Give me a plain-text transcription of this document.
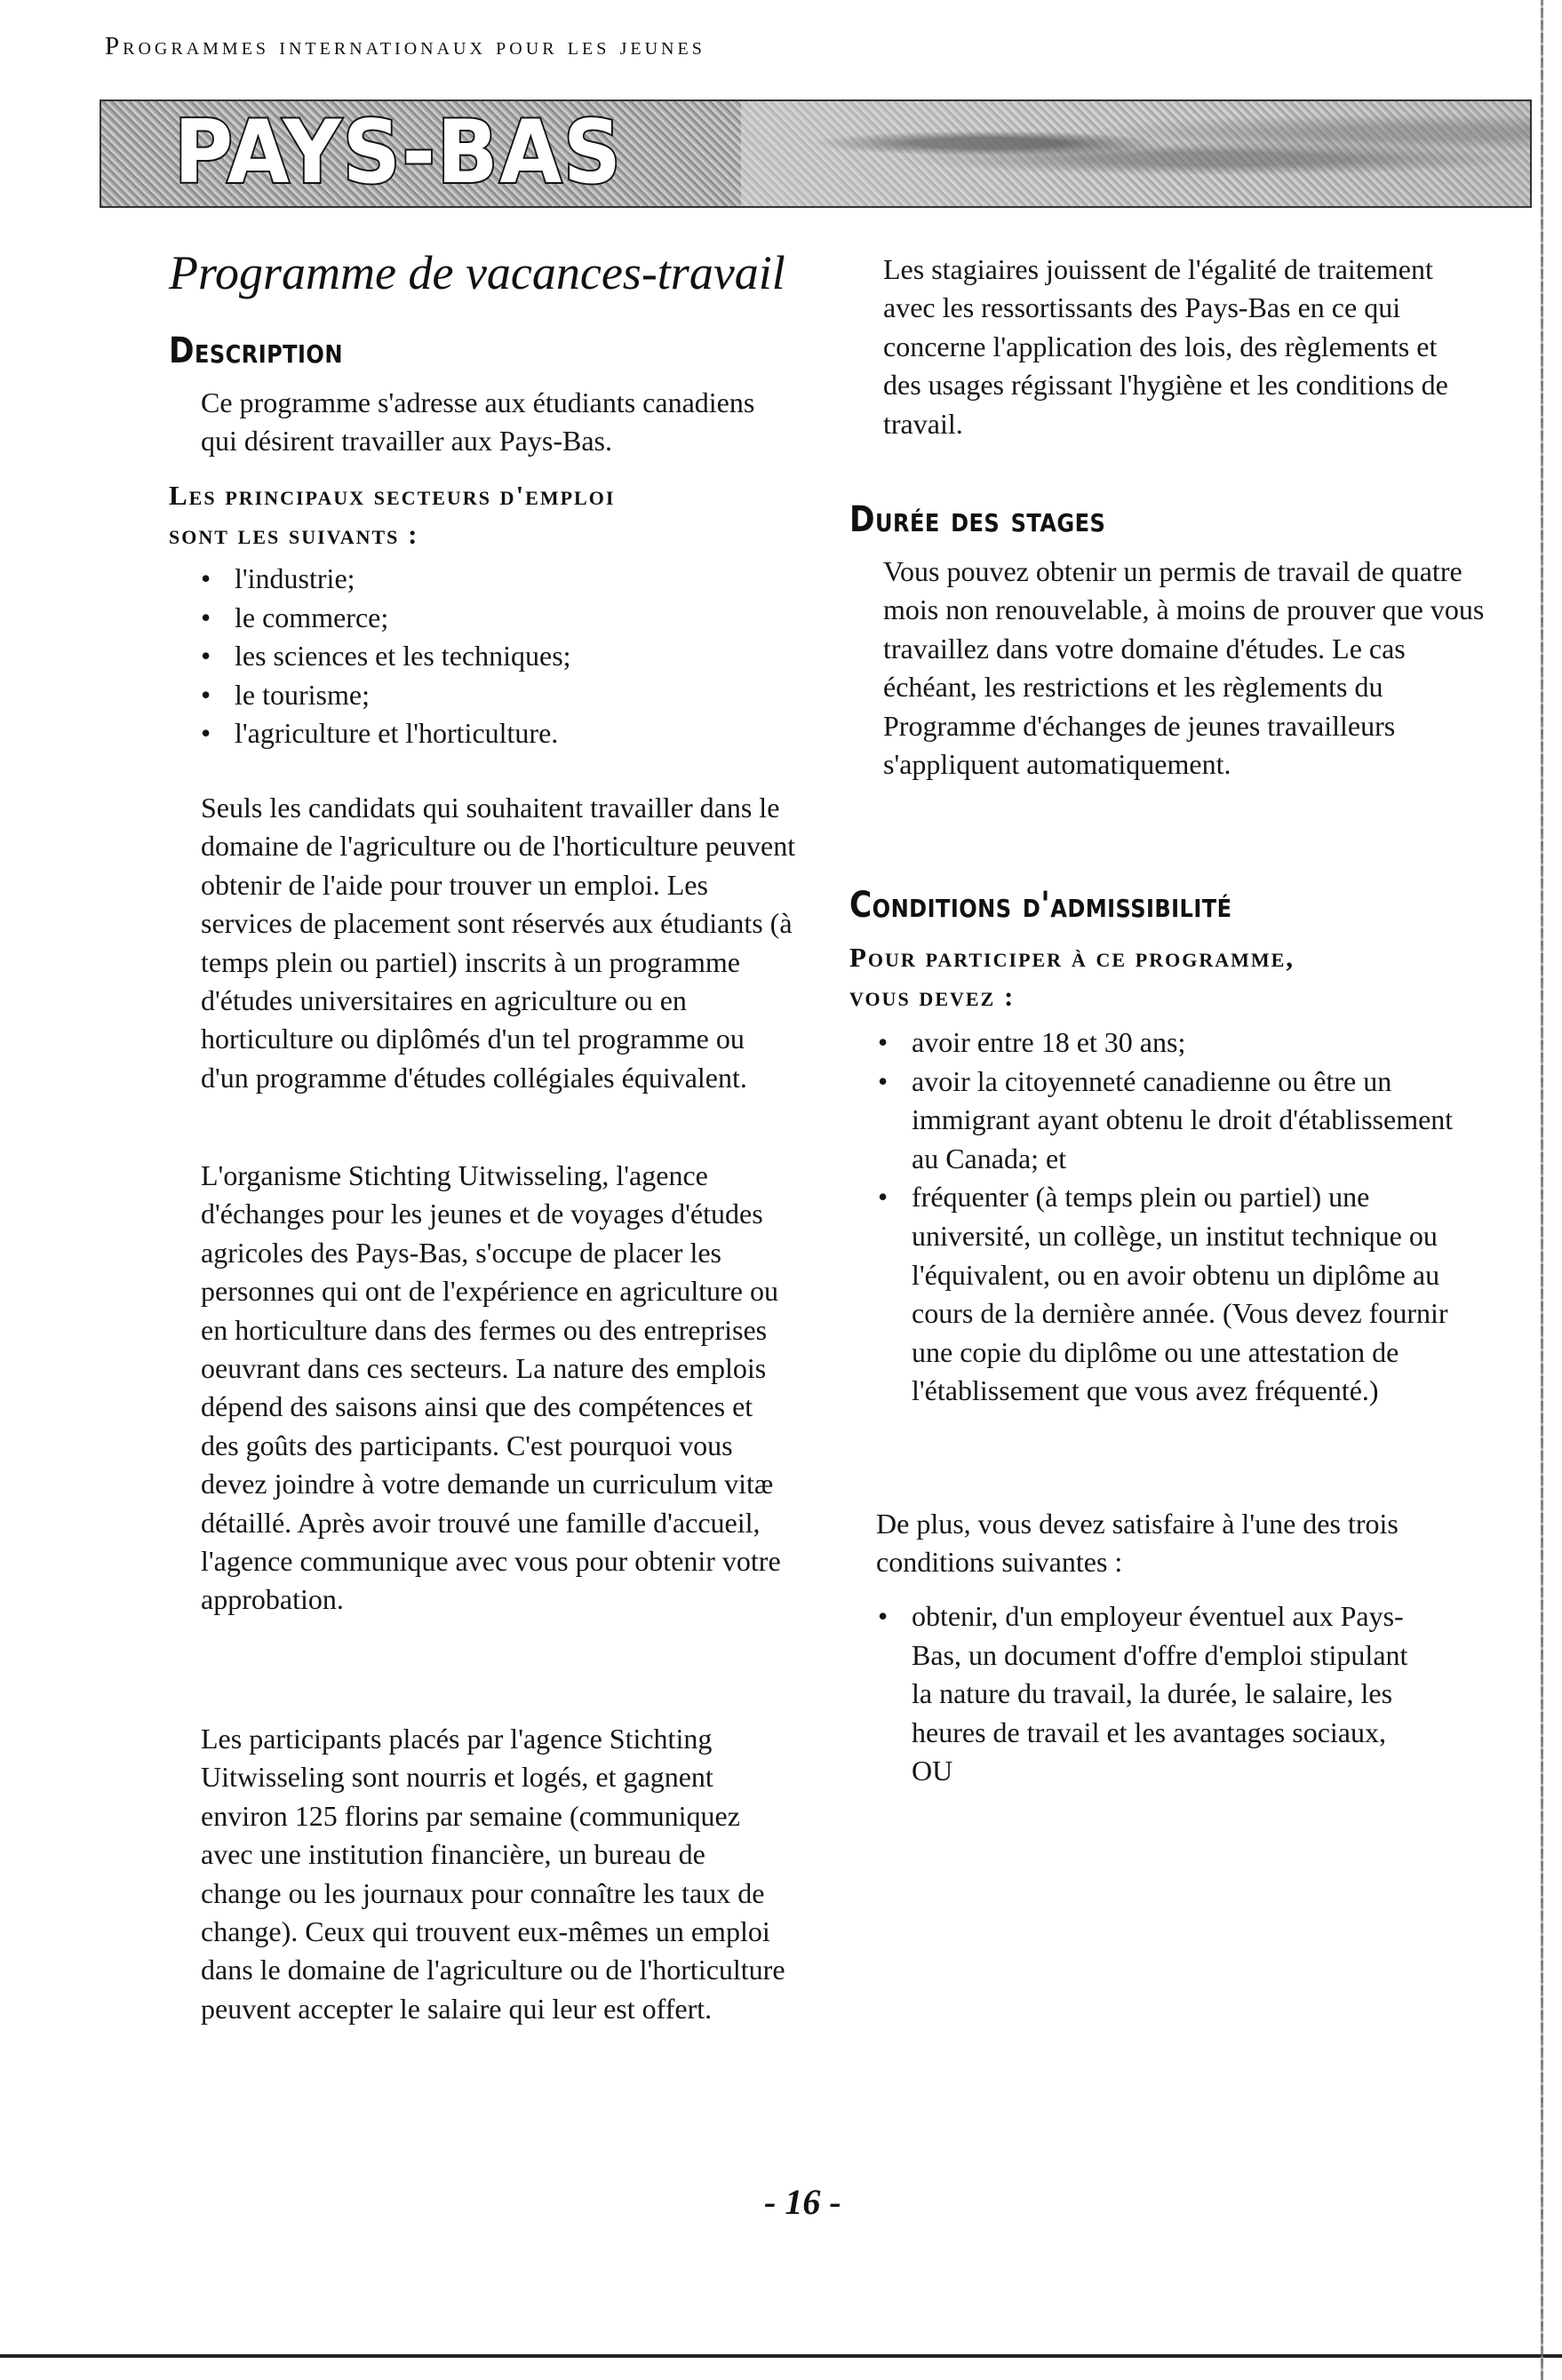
Programmes internationaux pour les jeunes
PAYS-BAS
Programme de vacances-travail
Description

Ce programme s'adresse aux étudiants canadiens qui désirent travailler aux Pays-Bas.

Les principaux secteurs d'emploi
sont les suivants :
• l'industrie;
• le commerce;
• les sciences et les techniques;
• le tourisme;
• l'agriculture et l'horticulture.

Seuls les candidats qui souhaitent travailler dans le domaine de l'agriculture ou de l'horticulture peuvent obtenir de l'aide pour trouver un emploi. Les services de placement sont réservés aux étudiants (à temps plein ou partiel) inscrits à un programme d'études universitaires en agriculture ou en horticulture ou diplômés d'un tel programme ou d'un programme d'études collégiales équivalent.

L'organisme Stichting Uitwisseling, l'agence d'échanges pour les jeunes et de voyages d'études agricoles des Pays-Bas, s'occupe de placer les personnes qui ont de l'expérience en agriculture ou en horticulture dans des fermes ou des entreprises oeuvrant dans ces secteurs. La nature des emplois dépend des saisons ainsi que des compétences et des goûts des participants. C'est pourquoi vous devez joindre à votre demande un curriculum vitæ détaillé. Après avoir trouvé une famille d'accueil, l'agence communique avec vous pour obtenir votre approbation.

Les participants placés par l'agence Stichting Uitwisseling sont nourris et logés, et gagnent environ 125 florins par semaine (communiquez avec une institution financière, un bureau de change ou les journaux pour connaître les taux de change). Ceux qui trouvent eux-mêmes un emploi dans le domaine de l'agriculture ou de l'horticulture peuvent accepter le salaire qui leur est offert.

Les stagiaires jouissent de l'égalité de traitement avec les ressortissants des Pays-Bas en ce qui concerne l'application des lois, des règlements et des usages régissant l'hygiène et les conditions de travail.

Durée des stages

Vous pouvez obtenir un permis de travail de quatre mois non renouvelable, à moins de prouver que vous travaillez dans votre domaine d'études. Le cas échéant, les restrictions et les règlements du Programme d'échanges de jeunes travailleurs s'appliquent automatiquement.

Conditions d'admissibilité
Pour participer à ce programme,
vous devez :
• avoir entre 18 et 30 ans;
• avoir la citoyenneté canadienne ou être un immigrant ayant obtenu le droit d'établissement au Canada; et
• fréquenter (à temps plein ou partiel) une université, un collège, un institut technique ou l'équivalent, ou en avoir obtenu un diplôme au cours de la dernière année. (Vous devez fournir une copie du diplôme ou une attestation de l'établissement que vous avez fréquenté.)

De plus, vous devez satisfaire à l'une des trois conditions suivantes :

• obtenir, d'un employeur éventuel aux Pays-Bas, un document d'offre d'emploi stipulant la nature du travail, la durée, le salaire, les heures de travail et les avantages sociaux, OU
- 16 -
